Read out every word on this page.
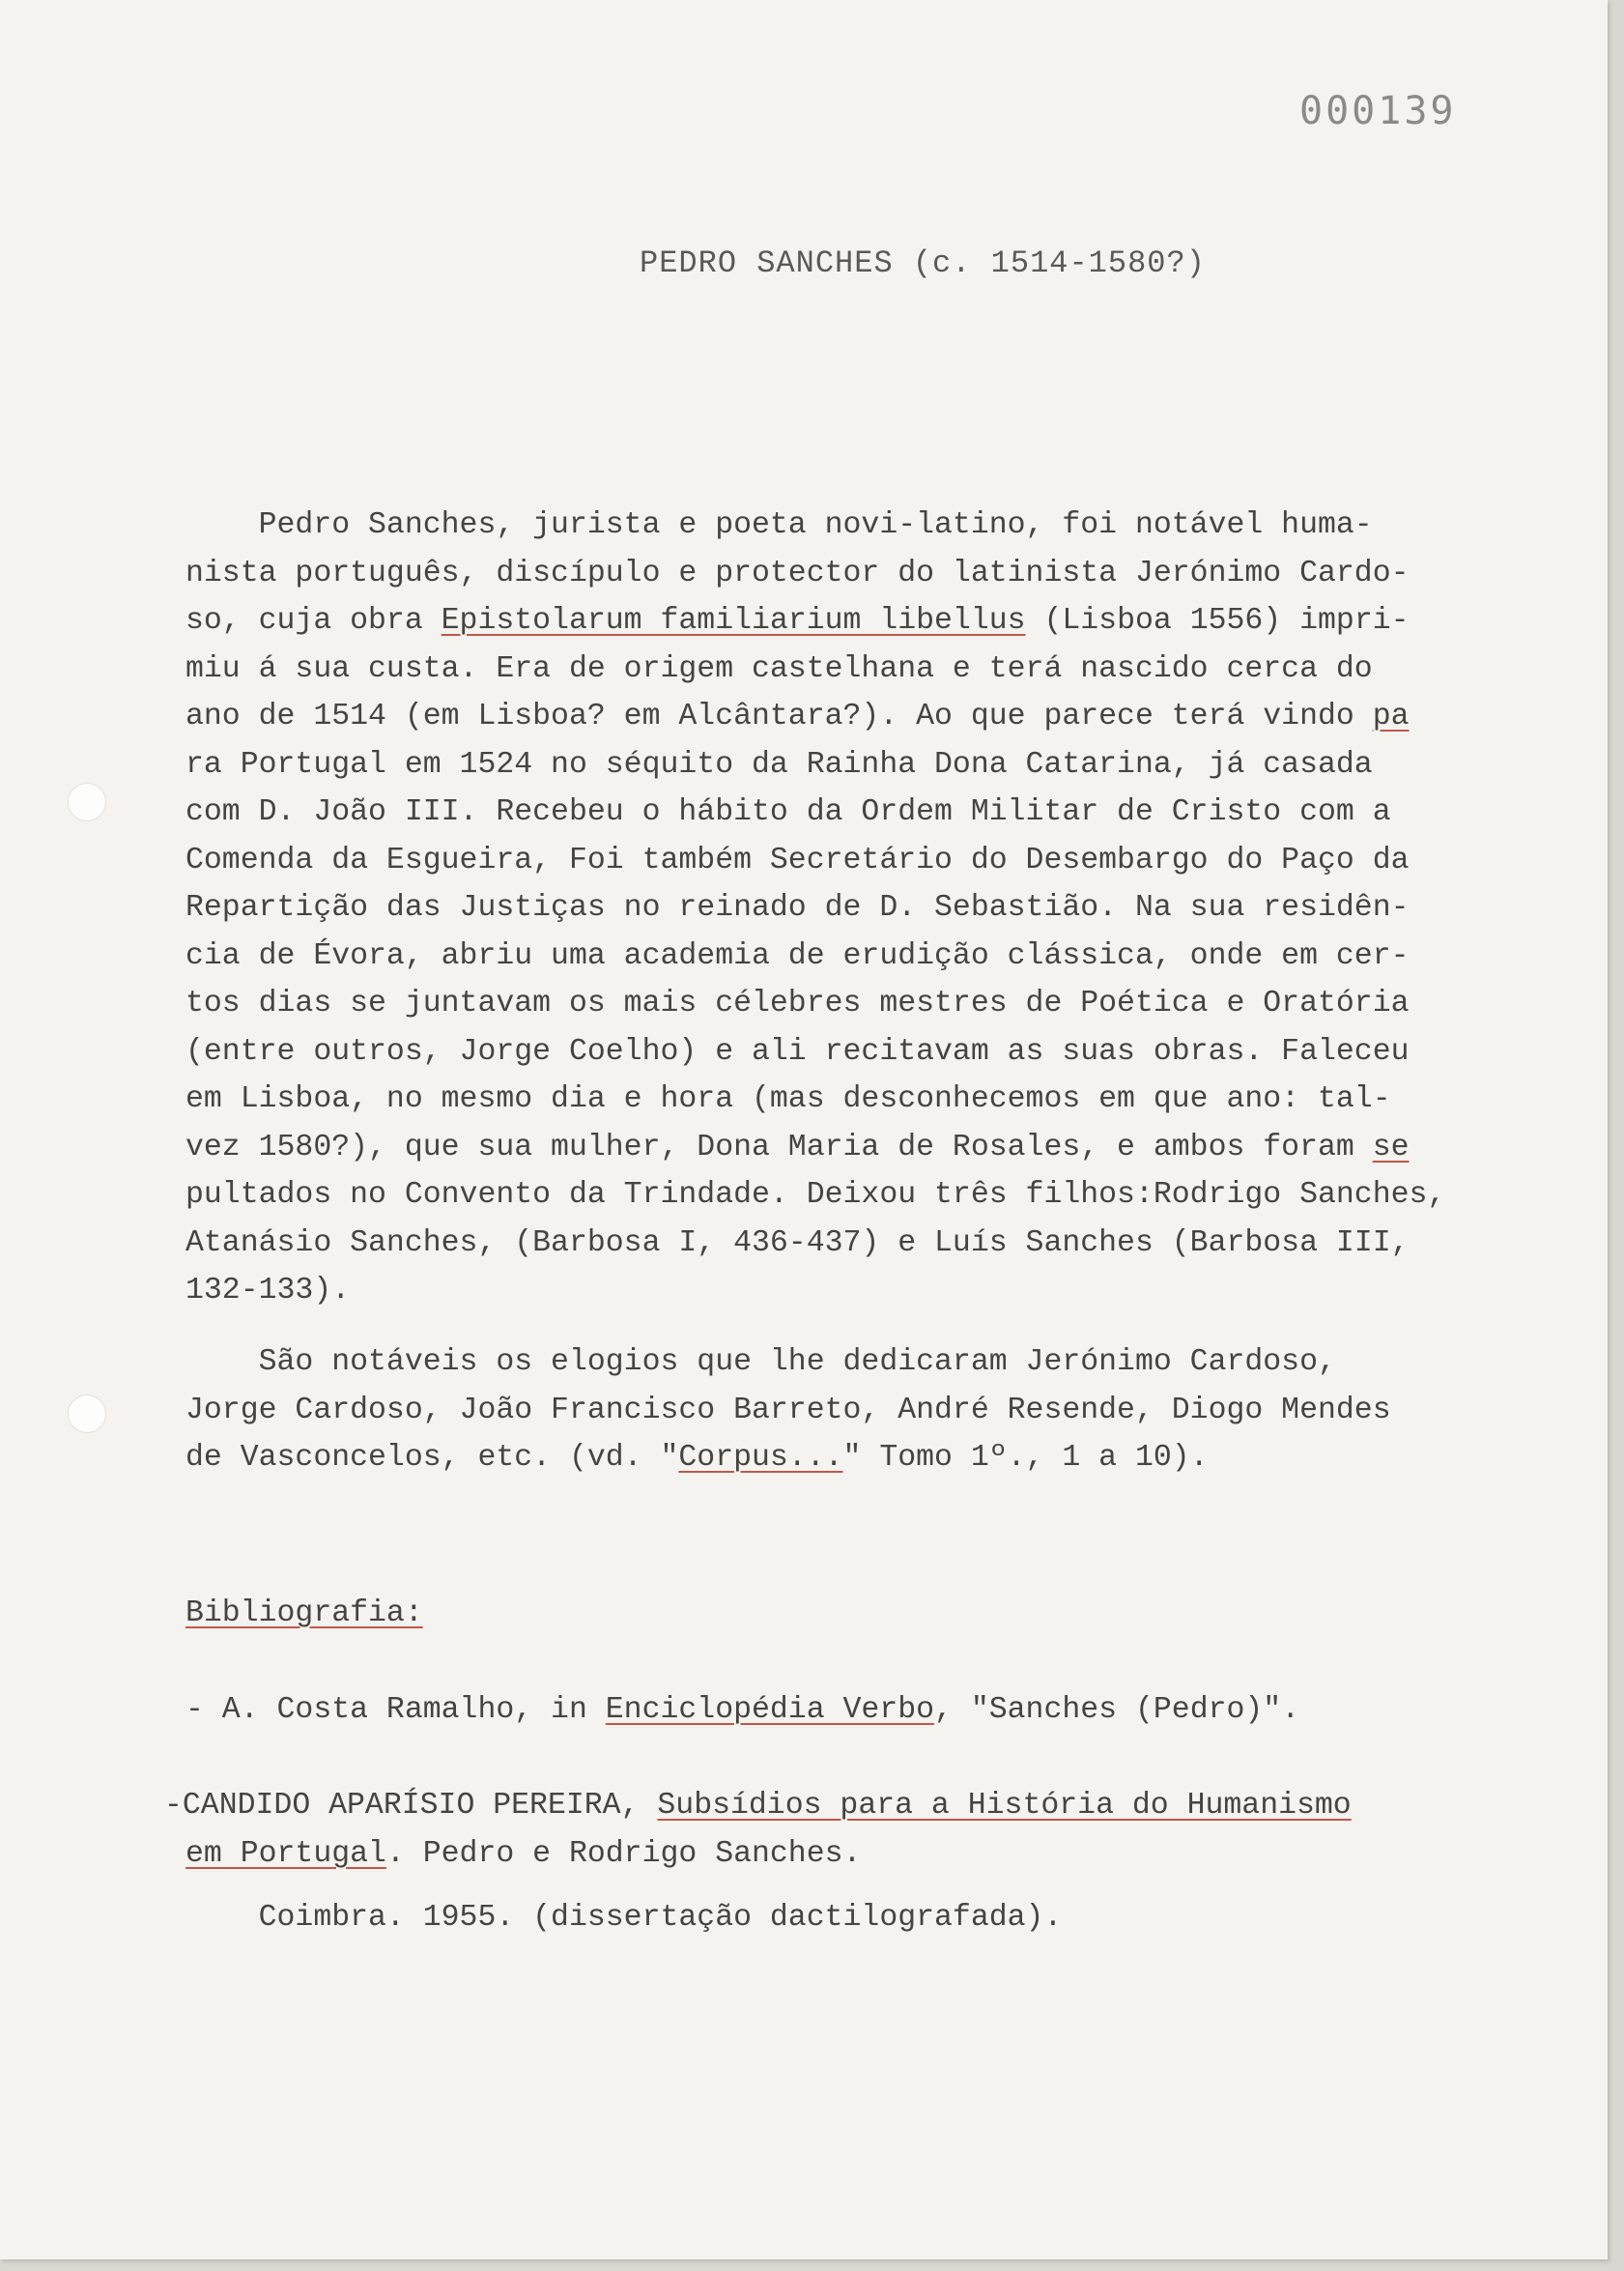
000139
PEDRO SANCHES (c. 1514-1580?)
Pedro Sanches, jurista e poeta novi-latino, foi notável huma-
nista português, discípulo e protector do latinista Jerónimo Cardo-
so, cuja obra Epistolarum familiarium libellus (Lisboa 1556) impri-
miu á sua custa. Era de origem castelhana e terá nascido cerca do
ano de 1514 (em Lisboa? em Alcântara?). Ao que parece terá vindo pa
ra Portugal em 1524 no séquito da Rainha Dona Catarina, já casada
com D. João III. Recebeu o hábito da Ordem Militar de Cristo com a
Comenda da Esgueira, Foi também Secretário do Desembargo do Paço da
Repartição das Justiças no reinado de D. Sebastião. Na sua residên-
cia de Évora, abriu uma academia de erudição clássica, onde em cer-
tos dias se juntavam os mais célebres mestres de Poética e Oratória
(entre outros, Jorge Coelho) e ali recitavam as suas obras. Faleceu
em Lisboa, no mesmo dia e hora (mas desconhecemos em que ano: tal-
vez 1580?), que sua mulher, Dona Maria de Rosales, e ambos foram se
pultados no Convento da Trindade. Deixou três filhos:Rodrigo Sanches,
Atanásio Sanches, (Barbosa I, 436-437) e Luís Sanches (Barbosa III,
132-133).
São notáveis os elogios que lhe dedicaram Jerónimo Cardoso,
Jorge Cardoso, João Francisco Barreto, André Resende, Diogo Mendes
de Vasconcelos, etc. (vd. "Corpus..." Tomo 1º., 1 a 10).
Bibliografia:
- A. Costa Ramalho, in Enciclopédia Verbo, "Sanches (Pedro)".
-CANDIDO APARÍSIO PEREIRA, Subsídios para a História do Humanismo
em Portugal. Pedro e Rodrigo Sanches.
Coimbra. 1955. (dissertação dactilografada).
